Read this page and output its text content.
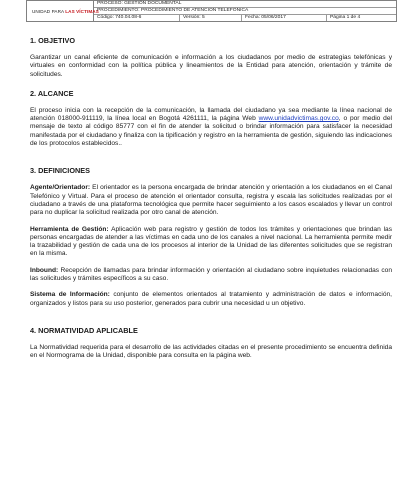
UNIDAD PARA LAS VÍCTIMAS
PROCESO: GESTIÓN DOCUMENTAL
PROCEDIMIENTO: PROCEDIMIENTO DE ATENCION TELEFONICA
Código: 740.04.08-6	Versión: 5	Fecha: 05/06/2017	Página 1 de 4
1. OBJETIVO

Garantizar un canal eficiente de comunicación e información a los ciudadanos por medio de estrategias telefónicas y virtuales en conformidad con la política pública y lineamientos de la Entidad para atención, orientación y trámite de solicitudes.

2. ALCANCE

El proceso inicia con la recepción de la comunicación, la llamada del ciudadano ya sea mediante la línea nacional de atención 018000-911119, la línea local en Bogotá 4261111, la página Web www.unidadvictimas.gov.co, o por medio del mensaje de texto al código 85777 con el fin de atender la solicitud o brindar información para satisfacer la necesidad manifestada por el ciudadano y finaliza con la tipificación y registro en la herramienta de gestión, siguiendo las indicaciones de los protocolos establecidos..

3. DEFINICIONES

Agente/Orientador: El orientador es la persona encargada de brindar atención y orientación a los ciudadanos en el Canal Telefónico y Virtual. Para el proceso de atención el orientador consulta, registra y escala las solicitudes realizadas por el ciudadano a través de una plataforma tecnológica que permite hacer seguimiento a los casos escalados y llevar un control para no duplicar la solicitud realizada por otro canal de atención.

Herramienta de Gestión: Aplicación web para registro y gestión de todos los trámites y orientaciones que brindan las personas encargadas de atender a las víctimas en cada uno de los canales a nivel nacional. La herramienta permite medir la trazabilidad y gestión de cada una de los procesos al interior de la Unidad de las diferentes solicitudes que se registran en la misma.

Inbound: Recepción de llamadas para brindar información y orientación al ciudadano sobre inquietudes relacionadas con las solicitudes y trámites específicos a su caso.

Sistema de Información: conjunto de elementos orientados al tratamiento y administración de datos e información, organizados y listos para su uso posterior, generados para cubrir una necesidad u un objetivo.

4. NORMATIVIDAD APLICABLE

La Normatividad requerida para el desarrollo de las actividades citadas en el presente procedimiento se encuentra definida en el Normograma de la Unidad, disponible para consulta en la página web.
